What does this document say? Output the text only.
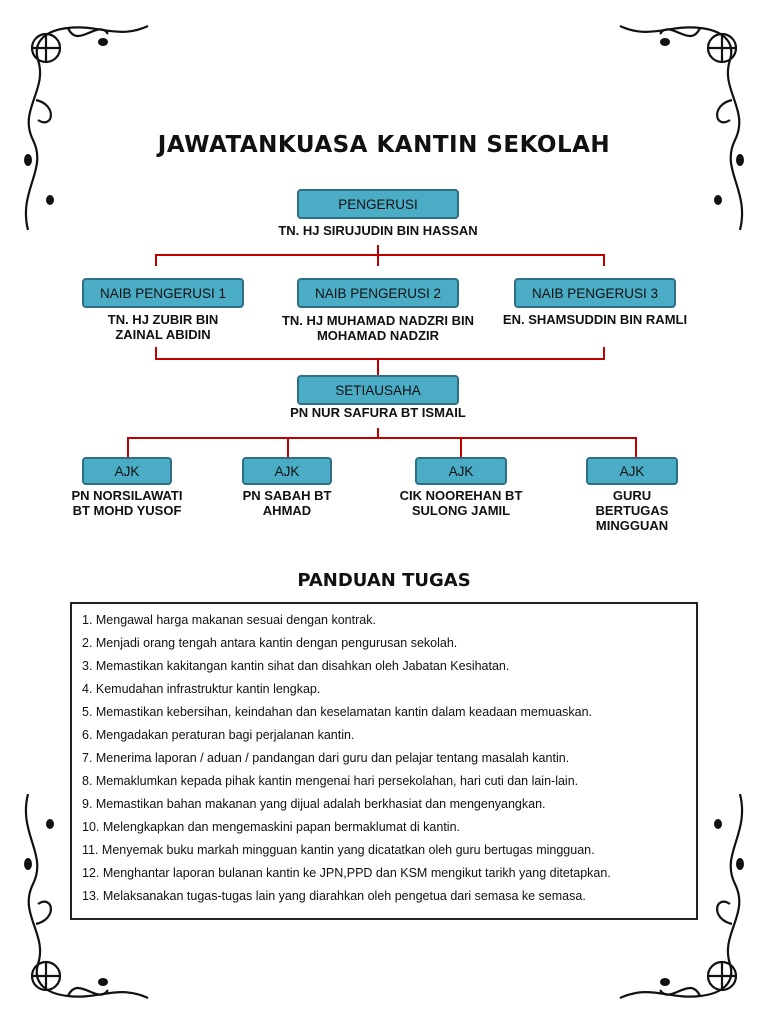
JAWATANKUASA KANTIN SEKOLAH
PENGERUSI
TN. HJ SIRUJUDIN BIN HASSAN
NAIB PENGERUSI 1
TN. HJ ZUBIR BIN ZAINAL ABIDIN
NAIB PENGERUSI 2
TN. HJ MUHAMAD NADZRI BIN MOHAMAD NADZIR
NAIB PENGERUSI 3
EN. SHAMSUDDIN BIN RAMLI
SETIAUSAHA
PN NUR SAFURA BT ISMAIL
AJK
PN NORSILAWATI BT MOHD YUSOF
AJK
PN SABAH BT AHMAD
AJK
CIK NOOREHAN BT SULONG JAMIL
AJK
GURU BERTUGAS MINGGUAN
PANDUAN TUGAS
1. Mengawal harga makanan sesuai dengan kontrak.
2. Menjadi orang tengah antara kantin dengan pengurusan sekolah.
3. Memastikan kakitangan kantin sihat dan disahkan oleh Jabatan Kesihatan.
4. Kemudahan infrastruktur kantin lengkap.
5. Memastikan kebersihan, keindahan dan keselamatan kantin dalam keadaan memuaskan.
6. Mengadakan peraturan bagi perjalanan kantin.
7. Menerima laporan / aduan / pandangan dari guru dan pelajar tentang masalah kantin.
8. Memaklumkan kepada pihak kantin mengenai hari persekolahan, hari cuti dan lain-lain.
9. Memastikan bahan makanan yang dijual adalah berkhasiat dan mengenyangkan.
10. Melengkapkan dan mengemaskini papan bermaklumat di kantin.
11. Menyemak buku markah mingguan kantin yang dicatatkan oleh guru bertugas mingguan.
12. Menghantar laporan bulanan kantin ke JPN,PPD dan KSM mengikut tarikh yang ditetapkan.
13. Melaksanakan tugas-tugas lain yang diarahkan oleh pengetua dari semasa ke semasa.
